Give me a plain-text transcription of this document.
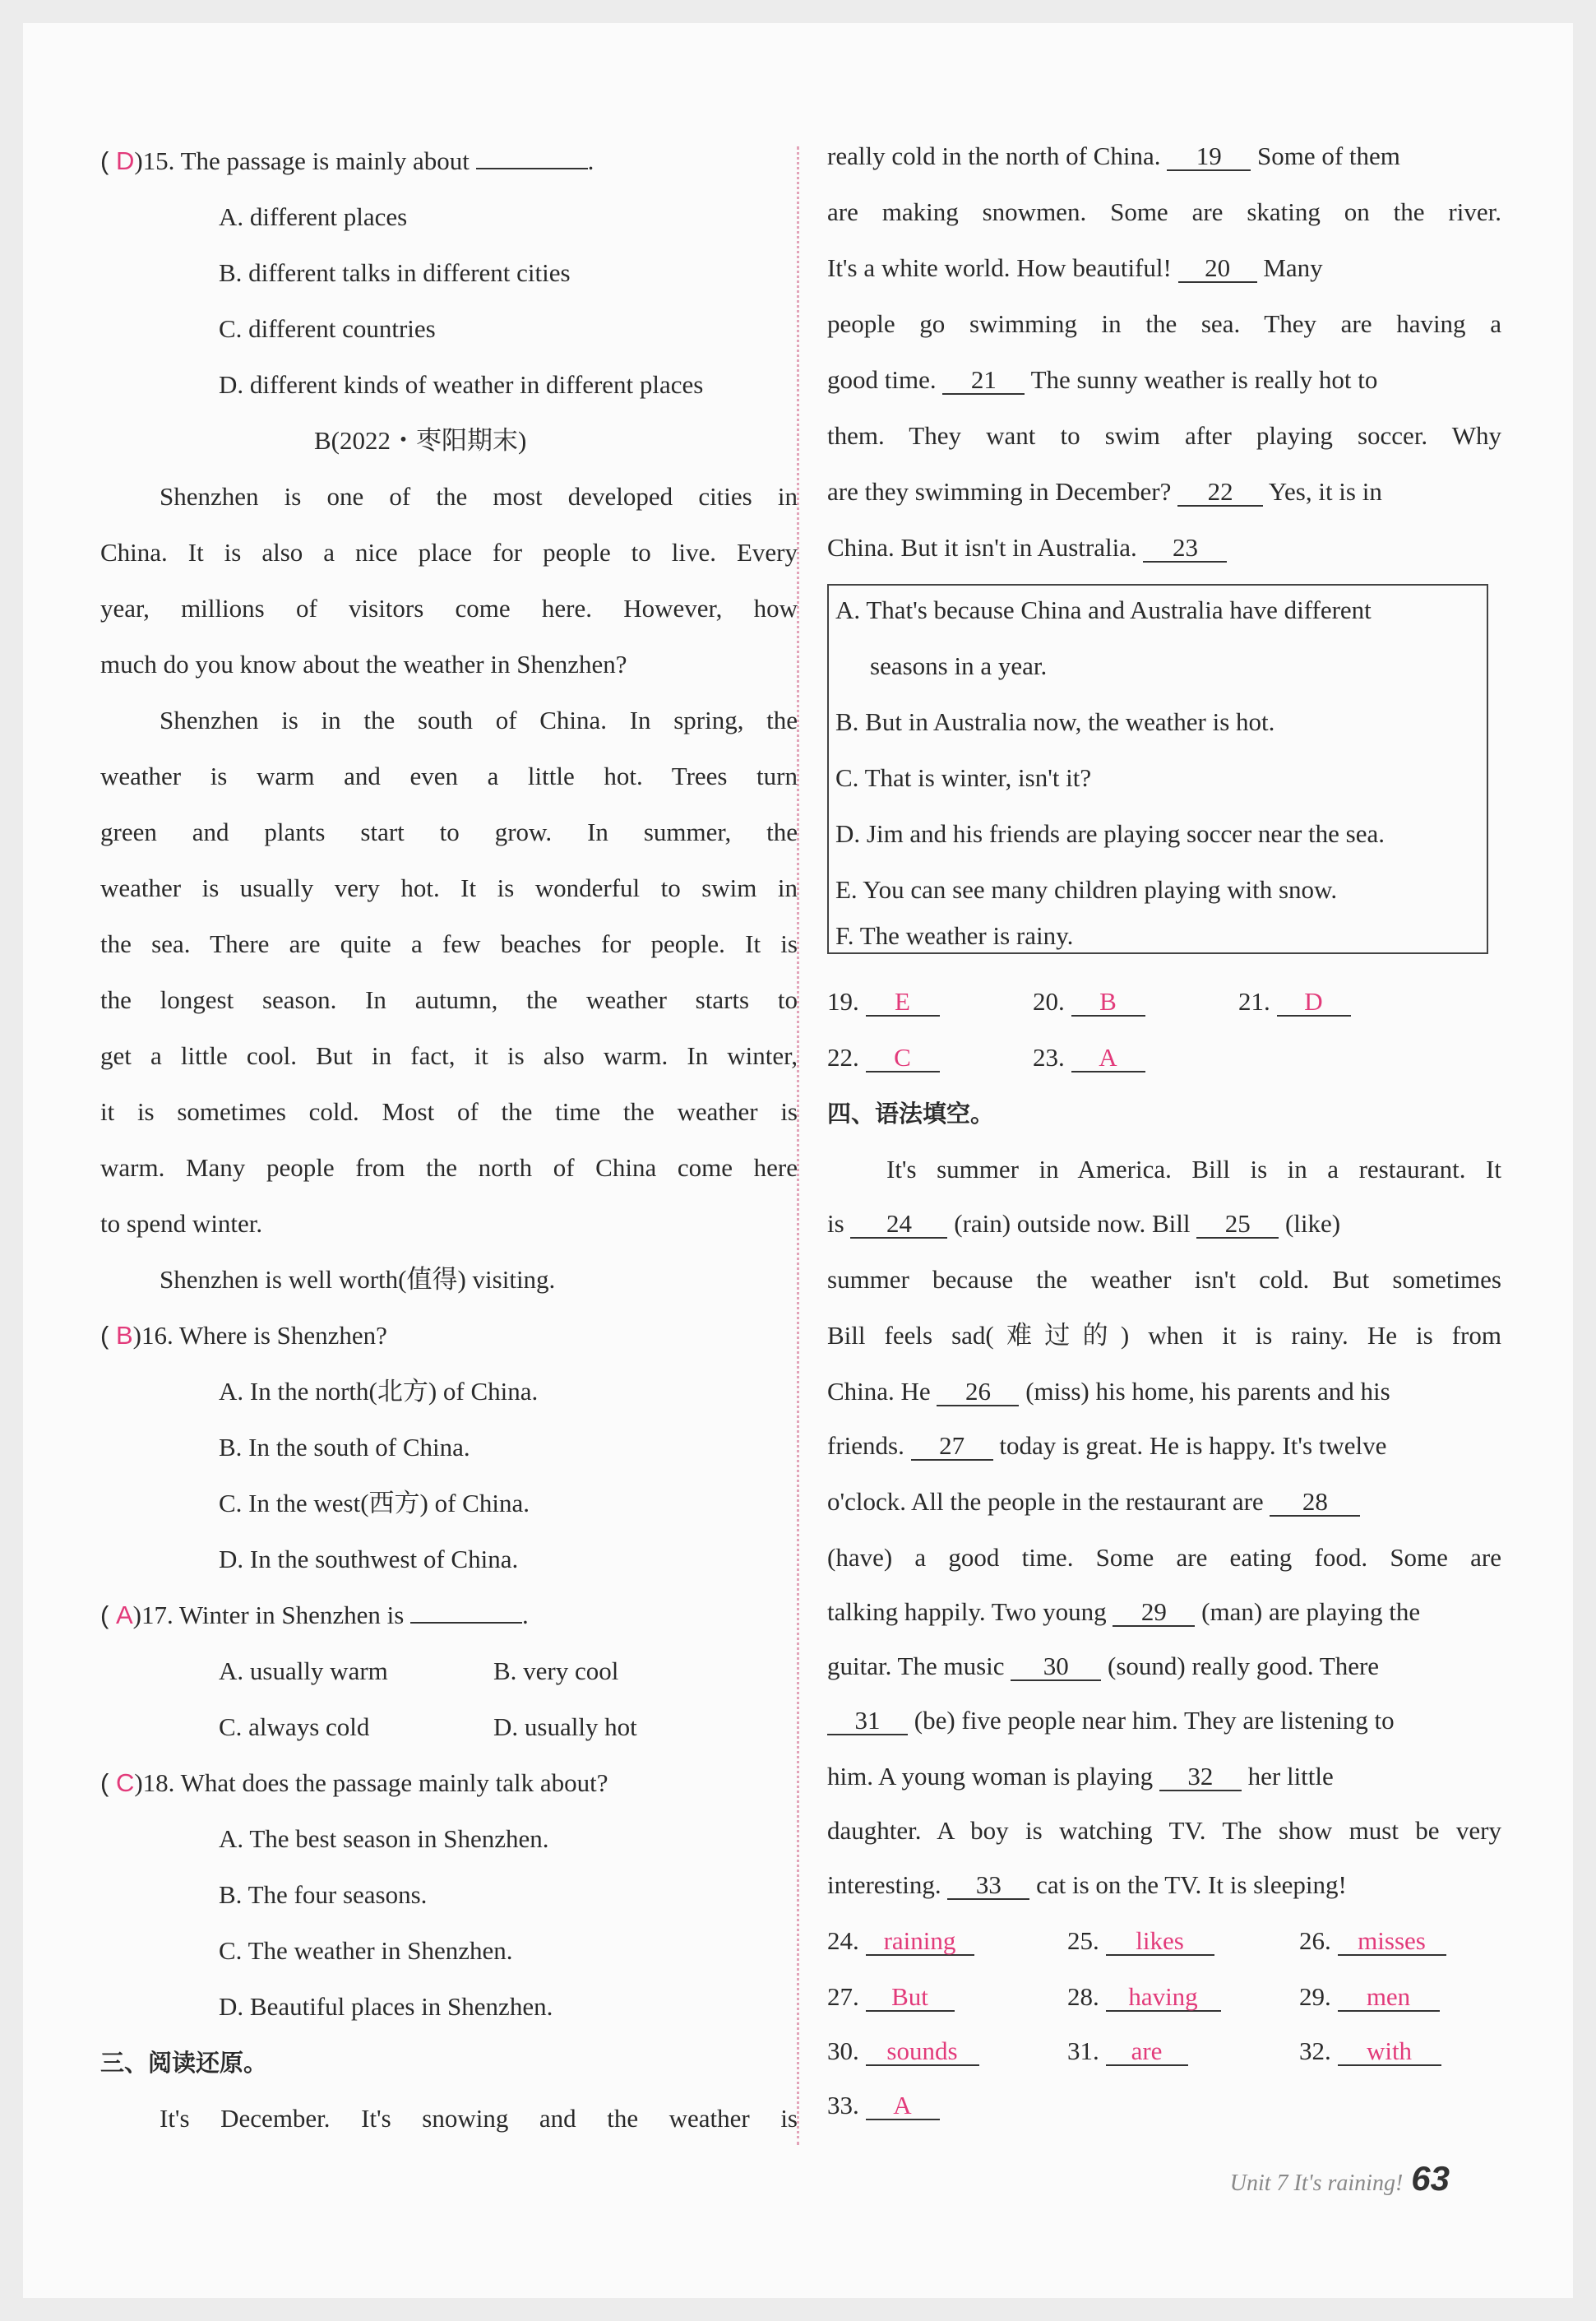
( D)15. The passage is mainly about	.
A. different places
B. different talks in different cities
C. different countries
D. different kinds of weather in different places
B(2022・枣阳期末)
Shenzhen is one of the most developed cities in
China. It is also a nice place for people to live. Every
year, millions of visitors come here. However, how
much do you know about the weather in Shenzhen?
Shenzhen is in the south of China. In spring, the
weather is warm and even a little hot. Trees turn
green and plants start to grow. In summer, the
weather is usually very hot. It is wonderful to swim in
the sea. There are quite a few beaches for people. It is
the longest season. In autumn, the weather starts to
get a little cool. But in fact, it is also warm. In winter,
it is sometimes cold. Most of the time the weather is
warm. Many people from the north of China come here
to spend winter.
Shenzhen is well worth(值得) visiting.
( B)16. Where is Shenzhen?
A. In the north(北方) of China.
B. In the south of China.
C. In the west(西方) of China.
D. In the southwest of China.
( A)17. Winter in Shenzhen is	.
A. usually warm	B. very cool
C. always cold	D. usually hot
( C)18. What does the passage mainly talk about?
A. The best season in Shenzhen.
B. The four seasons.
C. The weather in Shenzhen.
D. Beautiful places in Shenzhen.
三、阅读还原。
It's December. It's snowing and the weather is
really cold in the north of China. 19 Some of them
are making snowmen. Some are skating on the river.
It's a white world. How beautiful! 20 Many
people go swimming in the sea. They are having a
good time. 21 The sunny weather is really hot to
them. They want to swim after playing soccer. Why
are they swimming in December? 22 Yes, it is in
China. But it isn't in Australia. 23
A. That's because China and Australia have different
seasons in a year.
B. But in Australia now, the weather is hot.
C. That is winter, isn't it?
D. Jim and his friends are playing soccer near the sea.
E. You can see many children playing with snow.
F. The weather is rainy.
19. E	20. B	21. D
22. C	23. A
四、语法填空。
It's summer in America. Bill is in a restaurant. It
is 24 (rain) outside now. Bill 25 (like)
summer because the weather isn't cold. But sometimes
Bill feels sad(难过的) when it is rainy. He is from
China. He 26 (miss) his home, his parents and his
friends. 27 today is great. He is happy. It's twelve
o'clock. All the people in the restaurant are 28
(have) a good time. Some are eating food. Some are
talking happily. Two young 29 (man) are playing the
guitar. The music 30 (sound) really good. There
31 (be) five people near him. They are listening to
him. A young woman is playing 32 her little
daughter. A boy is watching TV. The show must be very
interesting. 33 cat is on the TV. It is sleeping!
24. raining	25. likes	26. misses
27. But	28. having	29. men
30. sounds	31. are	32. with
33. A
Unit 7 It's raining! 63
